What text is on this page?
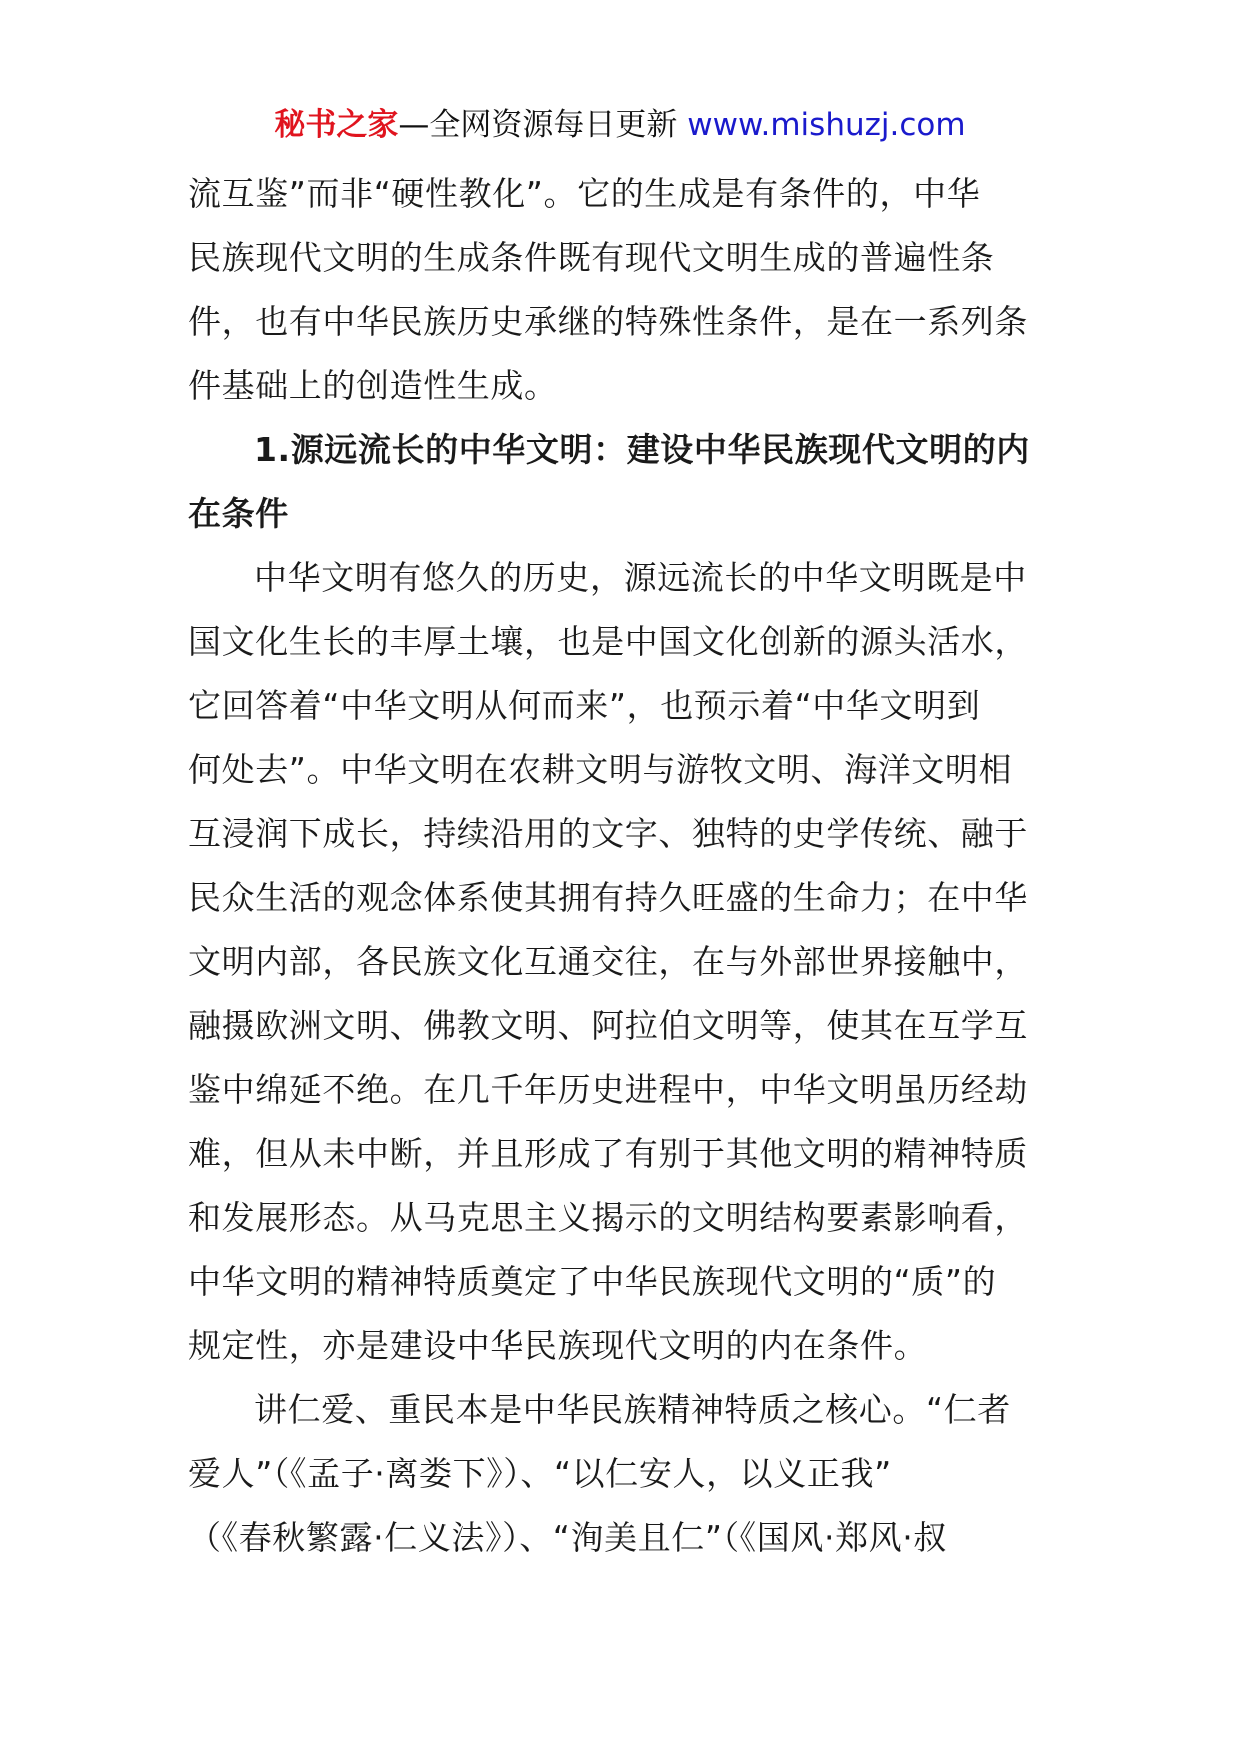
秘书之家—全网资源每日更新 www.mishuzj.com
流互鉴”而非“硬性教化”。它的生成是有条件的，中华
民族现代文明的生成条件既有现代文明生成的普遍性条
件，也有中华民族历史承继的特殊性条件，是在一系列条
件基础上的创造性生成。
1.源远流长的中华文明：建设中华民族现代文明的内
在条件
中华文明有悠久的历史，源远流长的中华文明既是中
国文化生长的丰厚土壤，也是中国文化创新的源头活水，
它回答着“中华文明从何而来”，也预示着“中华文明到
何处去”。中华文明在农耕文明与游牧文明、海洋文明相
互浸润下成长，持续沿用的文字、独特的史学传统、融于
民众生活的观念体系使其拥有持久旺盛的生命力；在中华
文明内部，各民族文化互通交往，在与外部世界接触中，
融摄欧洲文明、佛教文明、阿拉伯文明等，使其在互学互
鉴中绵延不绝。在几千年历史进程中，中华文明虽历经劫
难，但从未中断，并且形成了有别于其他文明的精神特质
和发展形态。从马克思主义揭示的文明结构要素影响看，
中华文明的精神特质奠定了中华民族现代文明的“质”的
规定性，亦是建设中华民族现代文明的内在条件。
讲仁爱、重民本是中华民族精神特质之核心。“仁者
爱人”（《孟子·离娄下》）、“以仁安人，以义正我”
（《春秋繁露·仁义法》）、“洵美且仁”（《国风·郑风·叔
